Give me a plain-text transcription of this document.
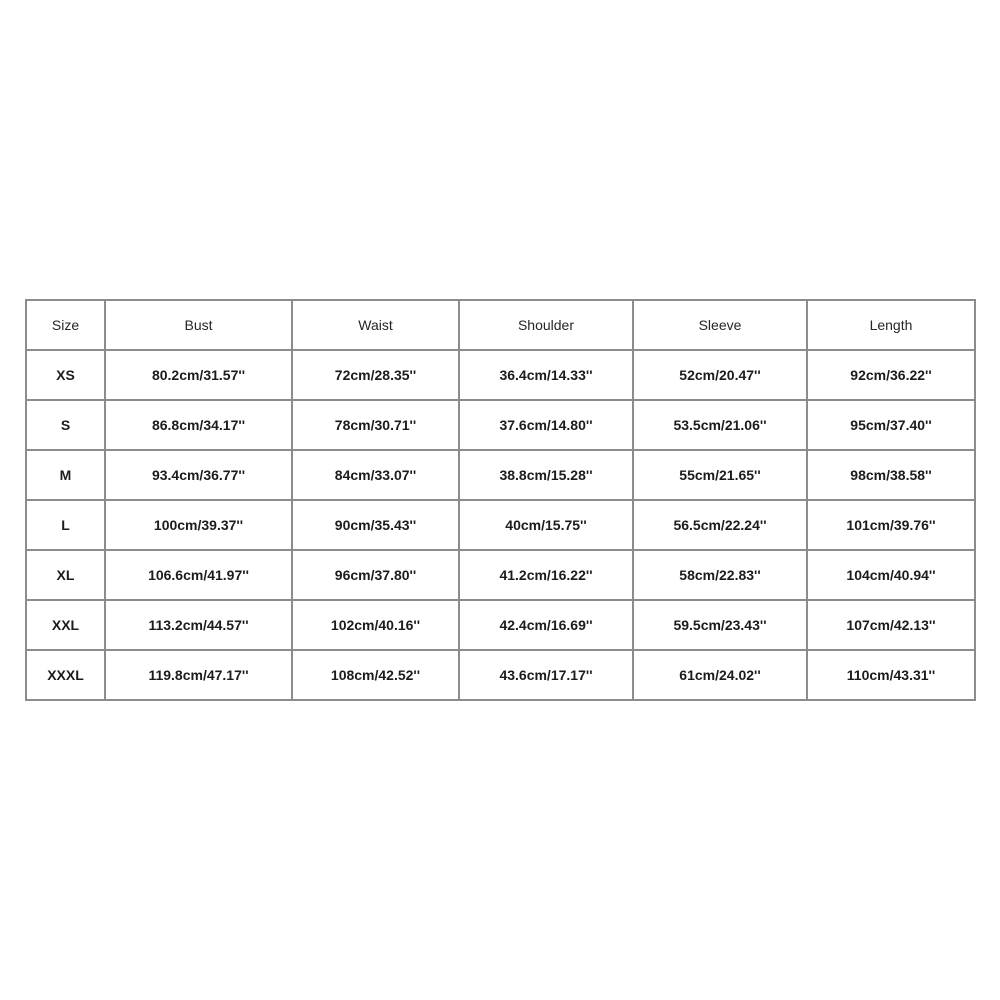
Size	Bust	Waist	Shoulder	Sleeve	Length
XS	80.2cm/31.57''	72cm/28.35''	36.4cm/14.33''	52cm/20.47''	92cm/36.22''
S	86.8cm/34.17''	78cm/30.71''	37.6cm/14.80''	53.5cm/21.06''	95cm/37.40''
M	93.4cm/36.77''	84cm/33.07''	38.8cm/15.28''	55cm/21.65''	98cm/38.58''
L	100cm/39.37''	90cm/35.43''	40cm/15.75''	56.5cm/22.24''	101cm/39.76''
XL	106.6cm/41.97''	96cm/37.80''	41.2cm/16.22''	58cm/22.83''	104cm/40.94''
XXL	113.2cm/44.57''	102cm/40.16''	42.4cm/16.69''	59.5cm/23.43''	107cm/42.13''
XXXL	119.8cm/47.17''	108cm/42.52''	43.6cm/17.17''	61cm/24.02''	110cm/43.31''
